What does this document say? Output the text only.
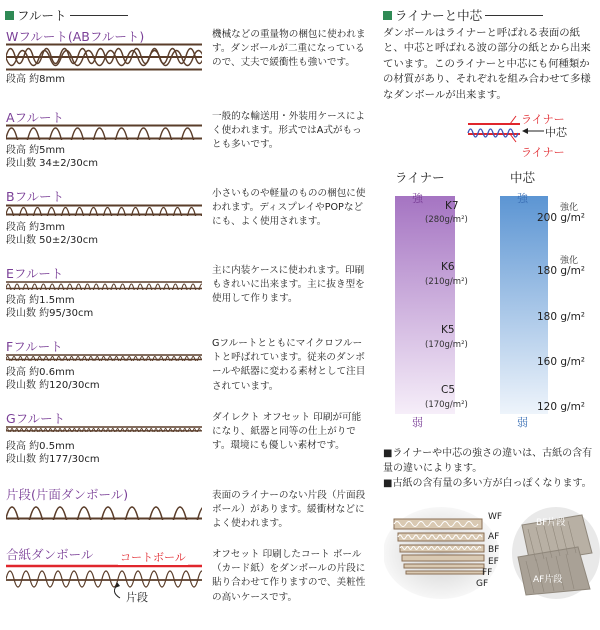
フルート	ライナーと中芯
Wフルート(ABフルート)
段高 約8mm
機械などの重量物の梱包に使われます。ダンボールが二重になっているので、丈夫で緩衝性も強いです。
Aフルート
段高 約5mm
段山数 34±2/30cm
一般的な輸送用・外装用ケースによく使われます。形式ではA式がもっとも多いです。
Bフルート
段高 約3mm
段山数 50±2/30cm
小さいものや軽量のものの梱包に使われます。ディスプレイやPOPなどにも、よく使用されます。
Eフルート
段高 約1.5mm
段山数 約95/30cm
主に内装ケースに使われます。印刷もきれいに出来ます。主に抜き型を使用して作ります。
Fフルート
段高 約0.6mm
段山数 約120/30cm
Gフルートとともにマイクロフルートと呼ばれています。従来のダンボールや紙器に変わる素材として注目されています。
Gフルート
段高 約0.5mm
段山数 約177/30cm
ダイレクト オフセット 印刷が可能になり、紙器と同等の仕上がりです。環境にも優しい素材です。
片段(片面ダンボール)	表面のライナーのない片段（片面段ボール）があります。緩衝材などによく使われます。
合紙ダンボール コートボール
片段
オフセット 印刷したコート ボール（カード紙）をダンボールの片段に貼り合わせて作りますので、美粧性の高いケースです。
ダンボールはライナーと呼ばれる表面の紙と、中芯と呼ばれる波の部分の紙とから出来ています。このライナーと中芯にも何種類かの材質があり、それぞれを組み合わせて多様なダンボールが出来ます。
ライナー
ライナー
中芯
ライナー
強
弱
K7
(280g/m²)
K6
(210g/m²)
K5
(170g/m²)
C5
(170g/m²)
中芯
強
弱
強化
200 g/m²
強化
180 g/m²
180 g/m²
160 g/m²
120 g/m²
■ライナーや中芯の強さの違いは、古紙の含有量の違いによります。
■古紙の含有量の多い方が白っぽくなります。
WF
AF
BF
EF
FF
GF
BF片段
AF片段
